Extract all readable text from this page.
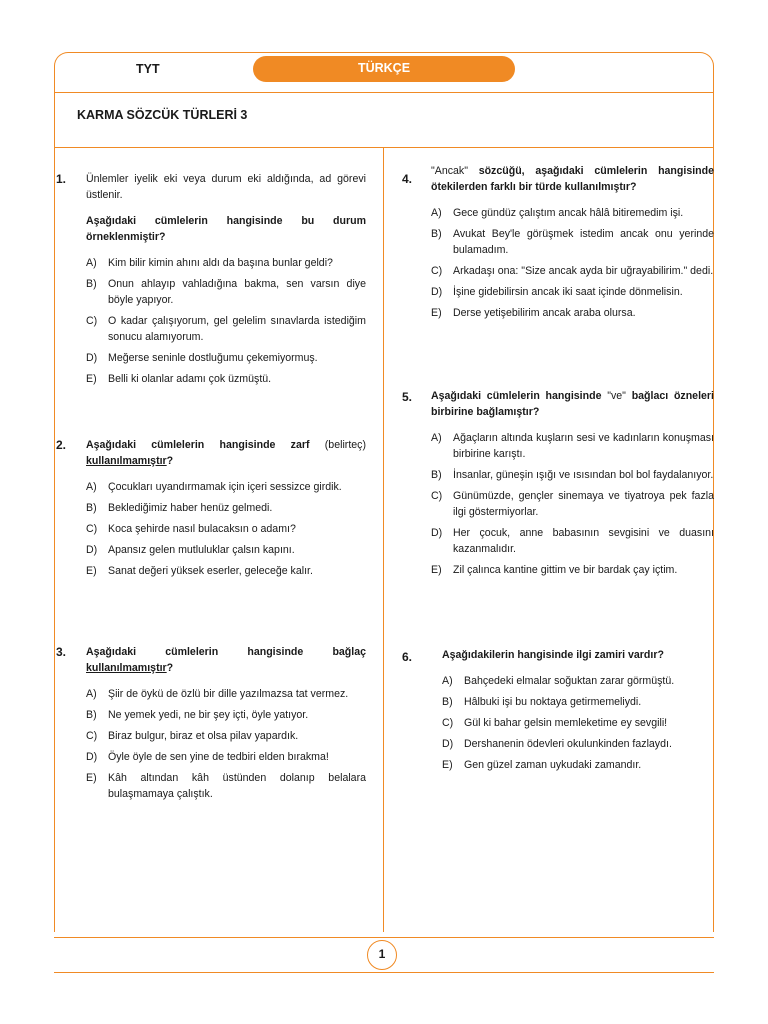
TYT	TÜRKÇE
KARMA SÖZCÜK TÜRLERİ 3
1. Ünlemler iyelik eki veya durum eki aldığında, ad görevi üstlenir.

Aşağıdaki cümlelerin hangisinde bu durum örneklenmiştir?

A)	Kim bilir kimin ahını aldı da başına bunlar geldi?
B)	Onun ahlayıp vahladığına bakma, sen varsın diye böyle yapıyor.
C)	O kadar çalışıyorum, gel gelelim sınavlarda istediğim sonucu alamıyorum.
D)	Meğerse seninle dostluğumu çekemiyormuş.
E)	Belli ki olanlar adamı çok üzmüştü.
2. Aşağıdaki cümlelerin hangisinde zarf (belirteç) kullanılmamıştır?

A)	Çocukları uyandırmamak için içeri sessizce girdik.
B)	Beklediğimiz haber henüz gelmedi.
C)	Koca şehirde nasıl bulacaksın o adamı?
D)	Apansız gelen mutluluklar çalsın kapını.
E)	Sanat değeri yüksek eserler, geleceğe kalır.
3. Aşağıdaki cümlelerin hangisinde bağlaç kullanılmamıştır?

A)	Şiir de öykü de özlü bir dille yazılmazsa tat vermez.
B)	Ne yemek yedi, ne bir şey içti, öyle yatıyor.
C)	Biraz bulgur, biraz et olsa pilav yapardık.
D)	Öyle öyle de sen yine de tedbiri elden bırakma!
E)	Kâh altından kâh üstünden dolanıp belalara bulaşmamaya çalıştık.
4.

"Ancak" sözcüğü, aşağıdaki cümlelerin hangisinde ötekilerden farklı bir türde kullanılmıştır?

A)	Gece gündüz çalıştım ancak hâlâ bitiremedim işi.
B)	Avukat Bey'le görüşmek istedim ancak onu yerinde bulamadım.
C)	Arkadaşı ona: "Size ancak ayda bir uğrayabilirim." dedi.
D)	İşine gidebilirsin ancak iki saat içinde dönmelisin.
E)	Derse yetişebilirim ancak araba olursa.
5. Aşağıdaki cümlelerin hangisinde "ve" bağlacı özneleri birbirine bağlamıştır?

A)	Ağaçların altında kuşların sesi ve kadınların konuşması birbirine karıştı.
B)	İnsanlar, güneşin ışığı ve ısısından bol bol faydalanıyor.
C)	Günümüzde, gençler sinemaya ve tiyatroya pek fazla ilgi göstermiyorlar.
D)	Her çocuk, anne babasının sevgisini ve duasını kazanmalıdır.
E)	Zil çalınca kantine gittim ve bir bardak çay içtim.
6.	Aşağıdakilerin hangisinde ilgi zamiri vardır?

A)	Bahçedeki elmalar soğuktan zarar görmüştü.
B)	Hâlbuki işi bu noktaya getirmemeliydi.
C)	Gül ki bahar gelsin memleketime ey sevgili!
D)	Dershanenin ödevleri okulunkinden fazlaydı.
E)	Gen güzel zaman uykudaki zamandır.
1
